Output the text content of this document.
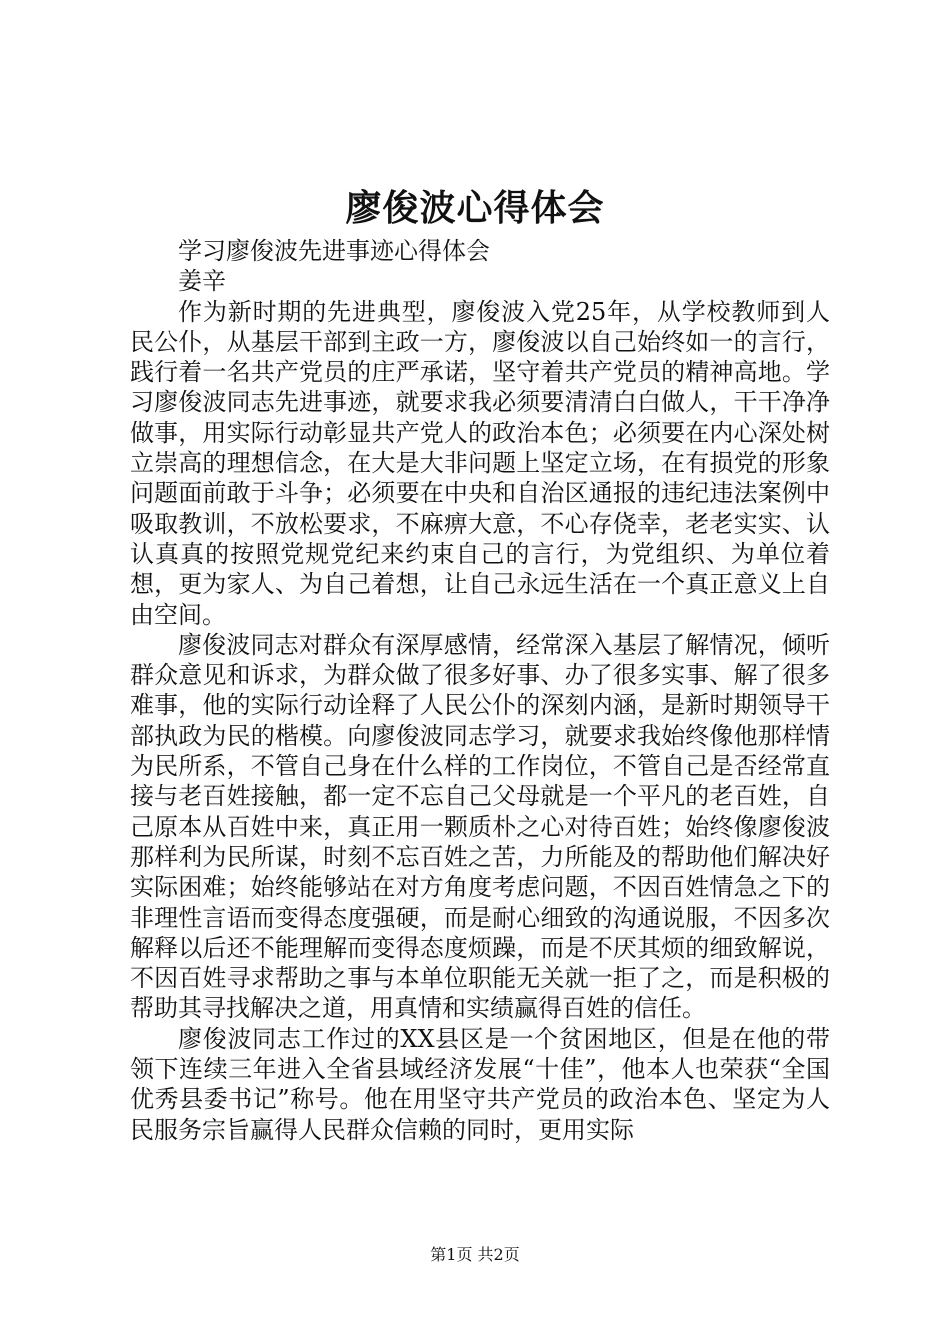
廖俊波心得体会

学习廖俊波先进事迹心得体会

姜辛

作为新时期的先进典型，廖俊波入党25年，从学校教师到人民公仆，从基层干部到主政一方，廖俊波以自己始终如一的言行，践行着一名共产党员的庄严承诺，坚守着共产党员的精神高地。学习廖俊波同志先进事迹，就要求我必须要清清白白做人，干干净净做事，用实际行动彰显共产党人的政治本色；必须要在内心深处树立崇高的理想信念，在大是大非问题上坚定立场，在有损党的形象问题面前敢于斗争；必须要在中央和自治区通报的违纪违法案例中吸取教训，不放松要求，不麻痹大意，不心存侥幸，老老实实、认认真真的按照党规党纪来约束自己的言行，为党组织、为单位着想，更为家人、为自己着想，让自己永远生活在一个真正意义上自由空间。

廖俊波同志对群众有深厚感情，经常深入基层了解情况，倾听群众意见和诉求，为群众做了很多好事、办了很多实事、解了很多难事，他的实际行动诠释了人民公仆的深刻内涵，是新时期领导干部执政为民的楷模。向廖俊波同志学习，就要求我始终像他那样情为民所系，不管自己身在什么样的工作岗位，不管自己是否经常直接与老百姓接触，都一定不忘自己父母就是一个平凡的老百姓，自己原本从百姓中来，真正用一颗质朴之心对待百姓；始终像廖俊波那样利为民所谋，时刻不忘百姓之苦，力所能及的帮助他们解决好实际困难；始终能够站在对方角度考虑问题，不因百姓情急之下的非理性言语而变得态度强硬，而是耐心细致的沟通说服，不因多次解释以后还不能理解而变得态度烦躁，而是不厌其烦的细致解说，不因百姓寻求帮助之事与本单位职能无关就一拒了之，而是积极的帮助其寻找解决之道，用真情和实绩赢得百姓的信任。

廖俊波同志工作过的XX县区是一个贫困地区，但是在他的带领下连续三年进入全省县域经济发展“十佳”，他本人也荣获“全国优秀县委书记”称号。他在用坚守共产党员的政治本色、坚定为人民服务宗旨赢得人民群众信赖的同时，更用实际

第1页 共2页
